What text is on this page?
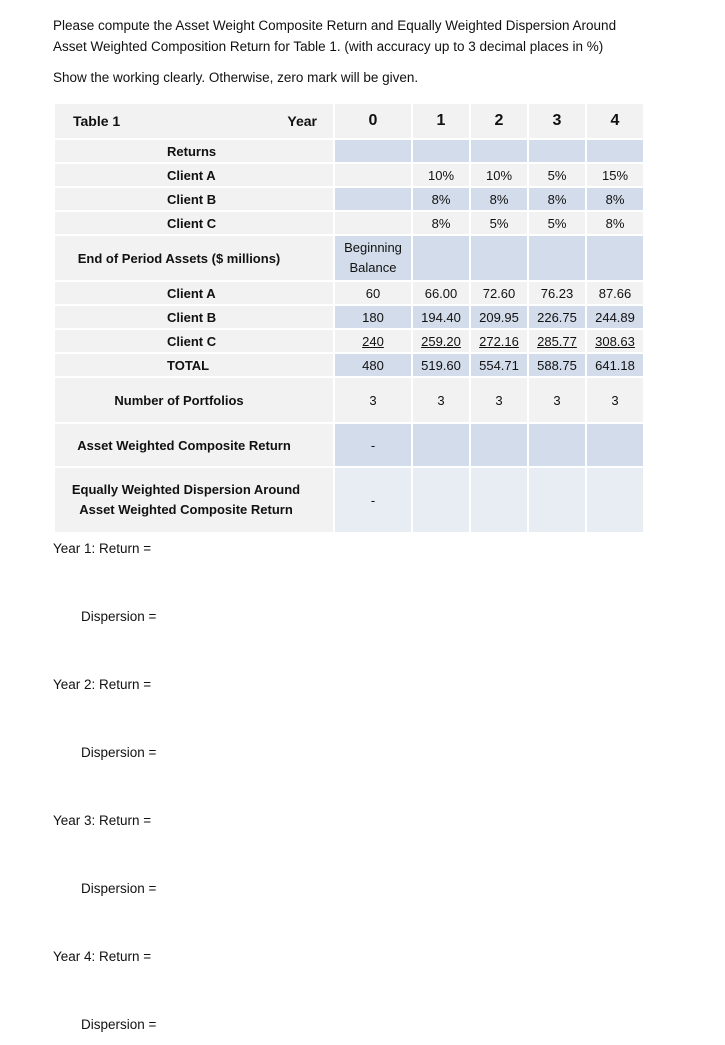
Please compute the Asset Weight Composite Return and Equally Weighted Dispersion Around

Asset Weighted Composition Return for Table 1. (with accuracy up to 3 decimal places in %)

Show the working clearly. Otherwise, zero mark will be given.
Table 1 Year	0	1	2	3	4
Returns					
Client A		10%	10%	5%	15%
Client B		8%	8%	8%	8%
Client C		8%	5%	5%	8%
End of Period Assets ($ millions)	Beginning Balance				
Client A	60	66.00	72.60	76.23	87.66
Client B	180	194.40	209.95	226.75	244.89
Client C	240	259.20	272.16	285.77	308.63
TOTAL	480	519.60	554.71	588.75	641.18
Number of Portfolios	3	3	3	3	3
Asset Weighted Composite Return	-				

Equally Weighted Dispersion Around
Asset Weighted Composite Return	-				
Year 1: Return =
Dispersion =
Year 2: Return =
Dispersion =
Year 3: Return =
Dispersion =
Year 4: Return =
Dispersion =
